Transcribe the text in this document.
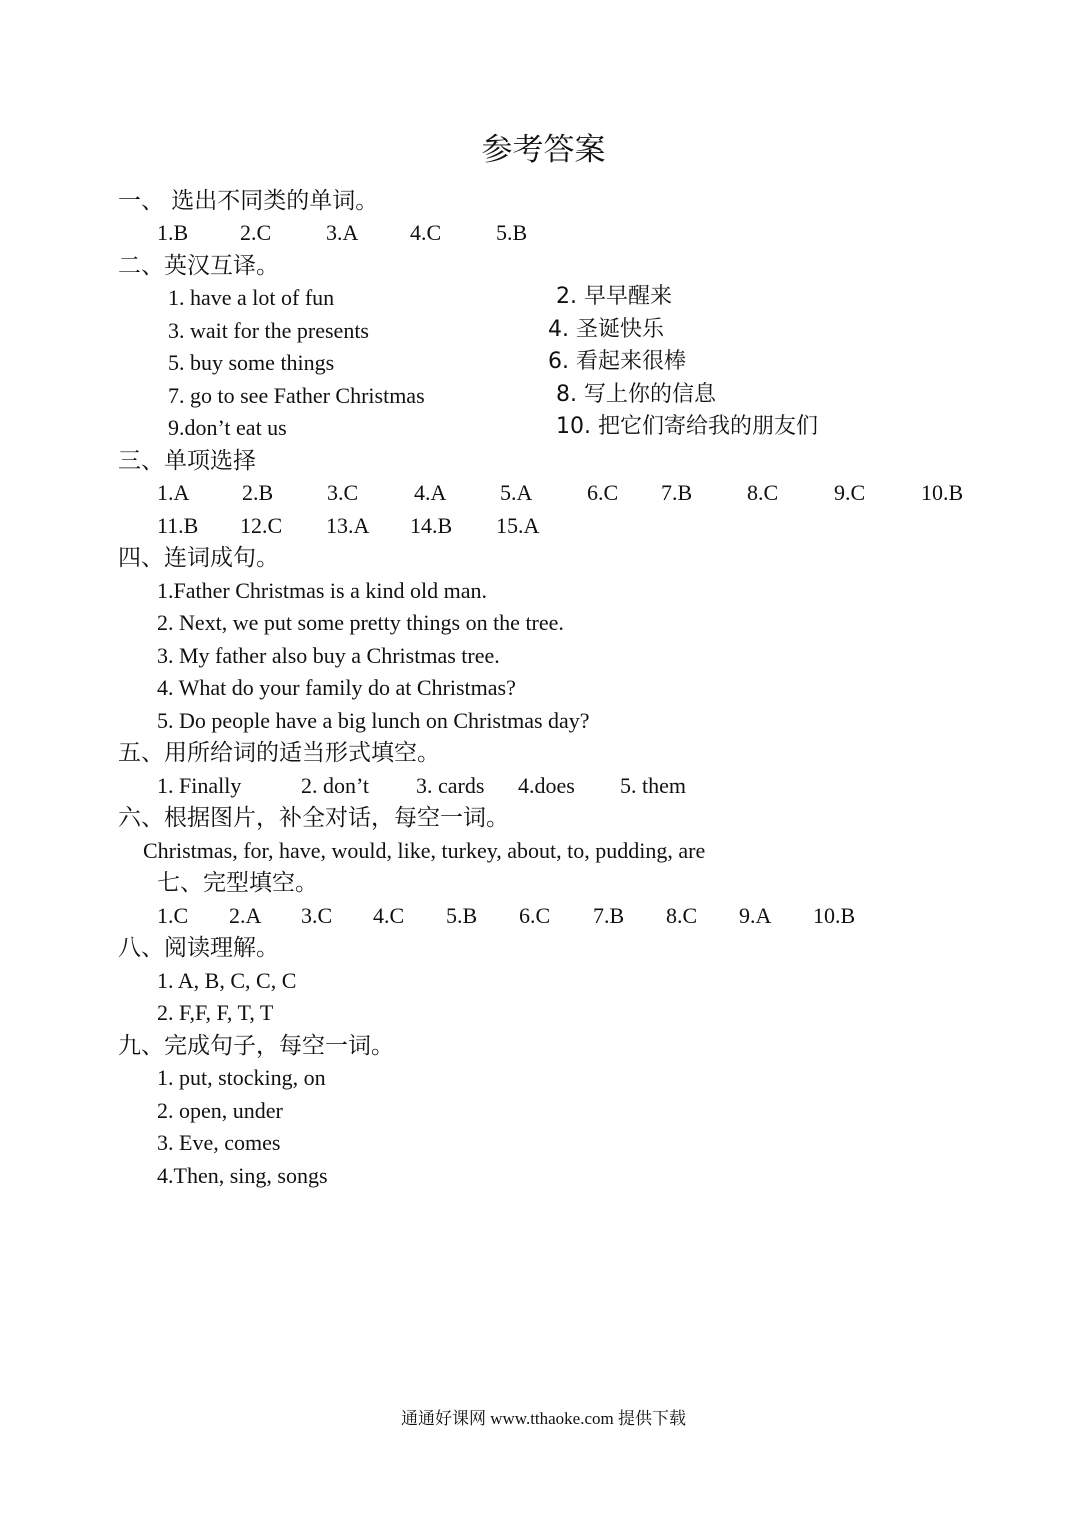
参考答案
一、 选出不同类的单词。
1.B 2.C 3.A 4.C 5.B
二、英汉互译。
1. have a lot of fun	2. 早早醒来
3. wait for the presents	4. 圣诞快乐
5. buy some things	6. 看起来很棒
7. go to see Father Christmas	8. 写上你的信息
9.don’t eat us	10. 把它们寄给我的朋友们
三、单项选择
1.A 2.B 3.C	4.A 5.A 6.C 7.B 8.C	9.C	10.B
11.B 12.C 13.A 14.B 15.A
四、连词成句。
1.Father Christmas is a kind old man.
2. Next, we put some pretty things on the tree.
3. My father also buy a Christmas tree.
4. What do your family do at Christmas?
5. Do people have a big lunch on Christmas day?
五、用所给词的适当形式填空。
1. Finally	2. don’t 3. cards 4.does 5. them
六、根据图片，补全对话，每空一词。
Christmas, for, have, would, like, turkey, about, to, pudding, are
七、完型填空。
1.C 2.A 3.C 4.C 5.B 6.C 7.B 8.C 9.A 10.B
八、阅读理解。
1. A, B, C, C, C
2. F,F, F, T, T
九、完成句子，每空一词。
1. put, stocking, on
2. open, under
3. Eve, comes
4.Then, sing, songs
通通好课网 www.tthaoke.com 提供下载
